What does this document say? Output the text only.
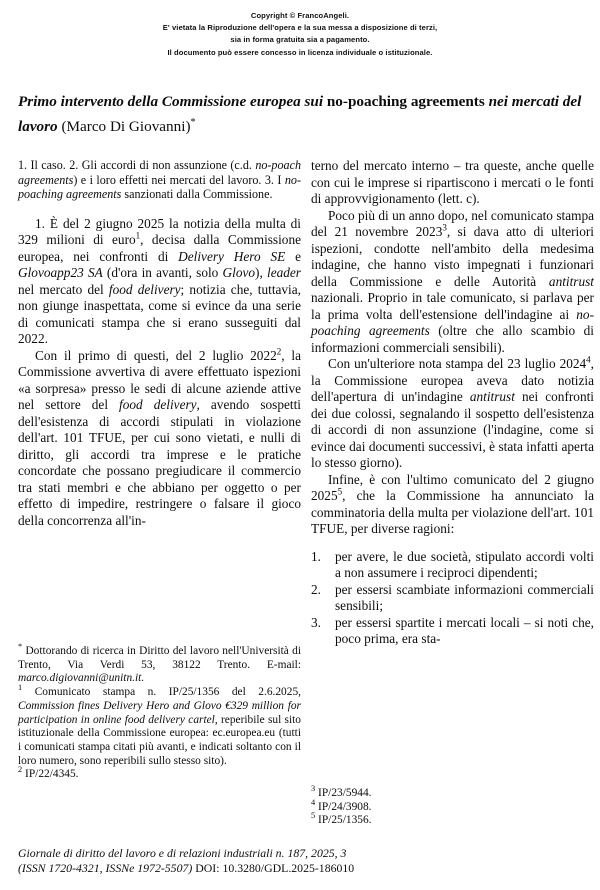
Copyright © FrancoAngeli.
E' vietata la Riproduzione dell'opera e la sua messa a disposizione di terzi,
sia in forma gratuita sia a pagamento.
Il documento può essere concesso in licenza individuale o istituzionale.
Primo intervento della Commissione europea sui no-poaching agreements nei mercati del lavoro (Marco Di Giovanni)*
1. Il caso. 2. Gli accordi di non assunzione (c.d. no-poach agreements) e i loro effetti nei mercati del lavoro. 3. I no-poaching agreements sanzionati dalla Commissione.

1. È del 2 giugno 2025 la notizia della multa di 329 milioni di euro$^1$, decisa dalla Commissione europea, nei confronti di Delivery Hero SE e Glovoapp23 SA (d'ora in avanti, solo Glovo), leader nel mercato del food delivery; notizia che, tuttavia, non giunge inaspettata, come si evince da una serie di comunicati stampa che si erano susseguiti dal 2022.

Con il primo di questi, del 2 luglio 2022$^2$, la Commissione avvertiva di avere effettuato ispezioni «a sorpresa» presso le sedi di alcune aziende attive nel settore del food delivery, avendo sospetti dell'esistenza di accordi stipulati in violazione dell'art. 101 TFUE, per cui sono vietati, e nulli di diritto, gli accordi tra imprese e le pratiche concordate che possano pregiudicare il commercio tra stati membri e che abbiano per oggetto o per effetto di impedire, restringere o falsare il gioco della concorrenza all'in-

terno del mercato interno – tra queste, anche quelle con cui le imprese si ripartiscono i mercati o le fonti di approvvigionamento (lett. c).

Poco più di un anno dopo, nel comunicato stampa del 21 novembre 2023$^3$, si dava atto di ulteriori ispezioni, condotte nell'ambito della medesima indagine, che hanno visto impegnati i funzionari della Commissione e delle Autorità antitrust nazionali. Proprio in tale comunicato, si parlava per la prima volta dell'estensione dell'indagine ai no-poaching agreements (oltre che allo scambio di informazioni commerciali sensibili).

Con un'ulteriore nota stampa del 23 luglio 2024$^4$, la Commissione europea aveva dato notizia dell'apertura di un'indagine antitrust nei confronti dei due colossi, segnalando il sospetto dell'esistenza di accordi di non assunzione (l'indagine, come si evince dai documenti successivi, è stata infatti aperta lo stesso giorno).

Infine, è con l'ultimo comunicato del 2 giugno 2025$^5$, che la Commissione ha annunciato la comminatoria della multa per violazione dell'art. 101 TFUE, per diverse ragioni:

1.	per avere, le due società, stipulato accordi volti a non assumere i reciproci dipendenti;
2.	per essersi scambiate informazioni commerciali sensibili;
3.	per essersi spartite i mercati locali – si noti che, poco prima, era sta-

* Dottorando di ricerca in Diritto del lavoro nell'Università di Trento, Via Verdi 53, 38122 Trento. E-mail: marco.digiovanni@unitn.it.

$^1$ Comunicato stampa n. IP/25/1356 del 2.6.2025, Commission fines Delivery Hero and Glovo €329 million for participation in online food delivery cartel, reperibile sul sito istituzionale della Commissione europea: ec.europea.eu (tutti i comunicati stampa citati più avanti, e indicati soltanto con il loro numero, sono reperibili sullo stesso sito).

$^2$ IP/22/4345.

$^3$ IP/23/5944.

$^4$ IP/24/3908.

$^5$ IP/25/1356.

Giornale di diritto del lavoro e di relazioni industriali n. 187, 2025, 3
(ISSN 1720-4321, ISSNe 1972-5507) DOI: 10.3280/GDL.2025-186010
